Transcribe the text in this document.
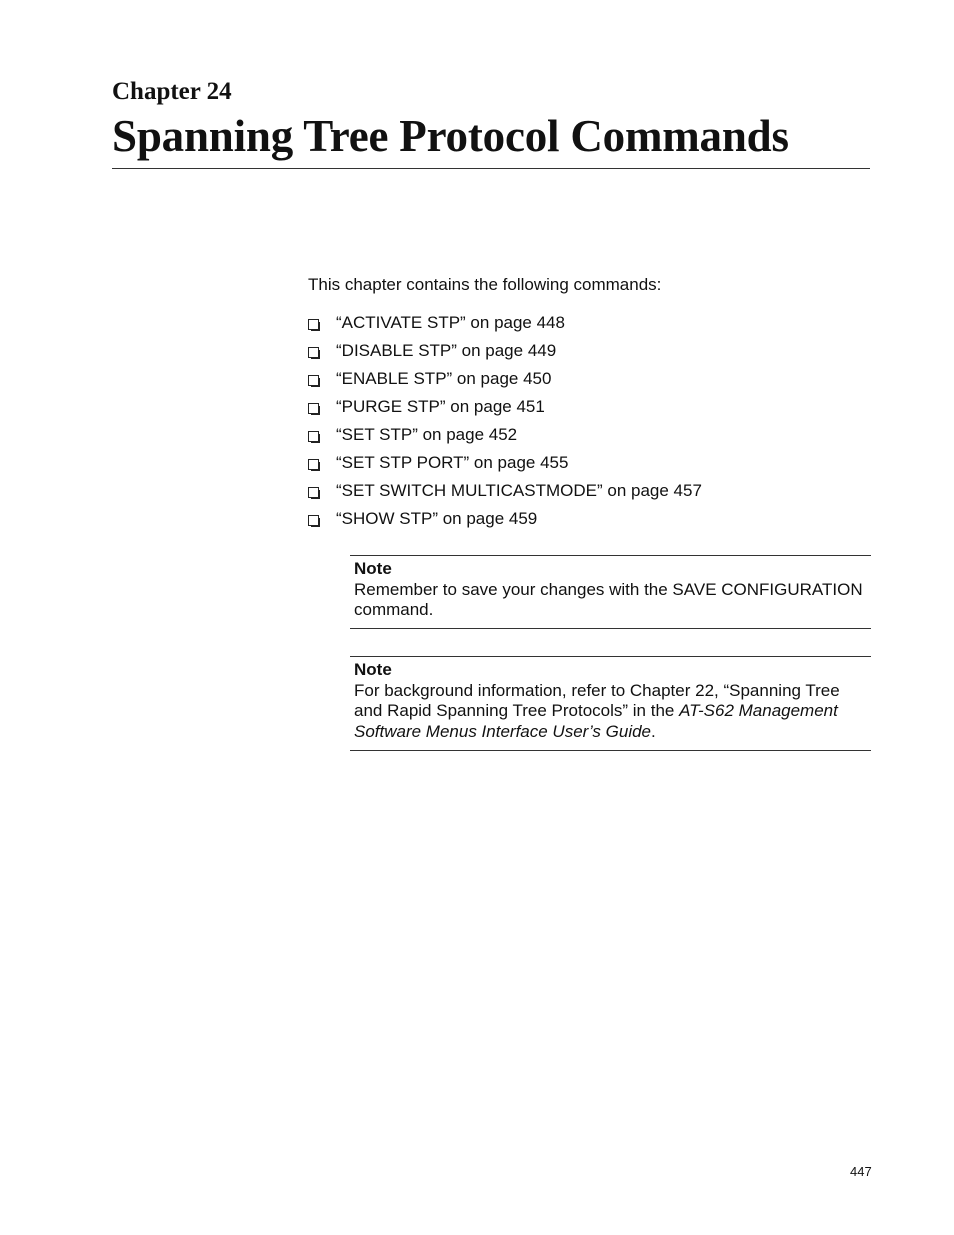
Chapter 24
Spanning Tree Protocol Commands
This chapter contains the following commands:
“ACTIVATE STP” on page 448
“DISABLE STP” on page 449
“ENABLE STP” on page 450
“PURGE STP” on page 451
“SET STP” on page 452
“SET STP PORT” on page 455
“SET SWITCH MULTICASTMODE” on page 457
“SHOW STP” on page 459
Note

Remember to save your changes with the SAVE CONFIGURATION command.

Note

For background information, refer to Chapter 22, “Spanning Tree and Rapid Spanning Tree Protocols” in the AT-S62 Management Software Menus Interface User’s Guide.

447
